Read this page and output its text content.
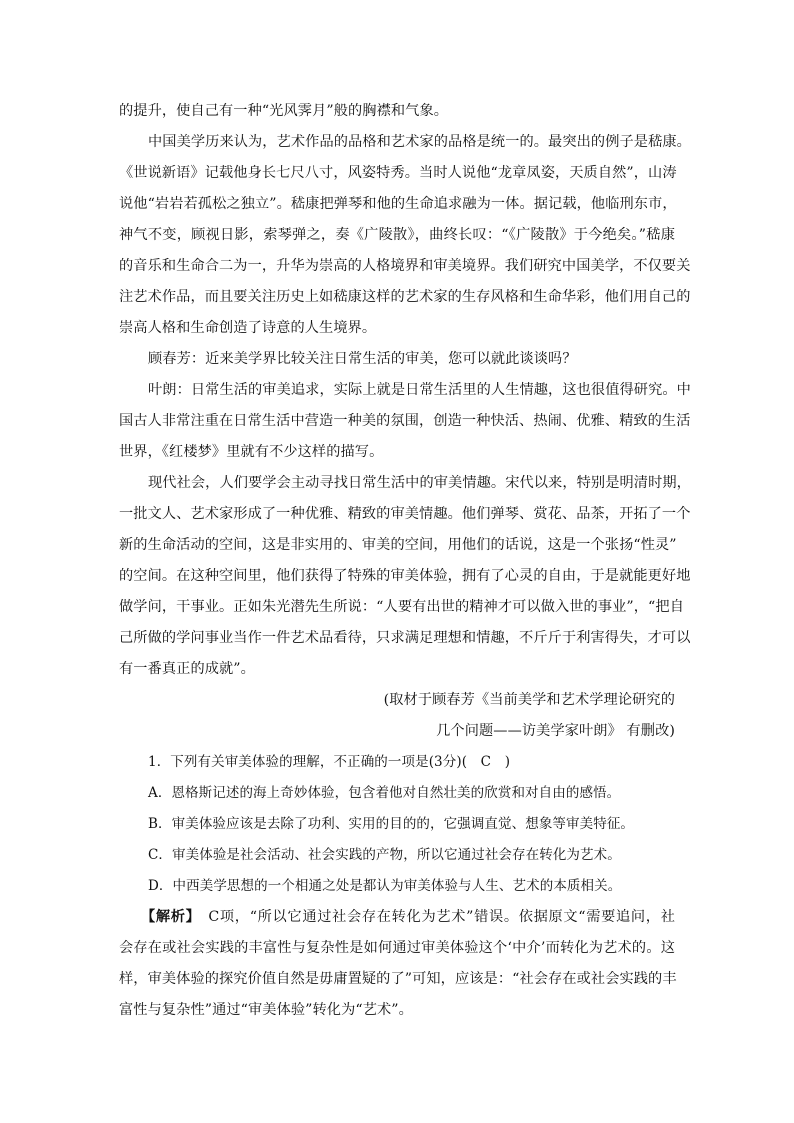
的提升，使自己有一种“光风霁月”般的胸襟和气象。
中国美学历来认为，艺术作品的品格和艺术家的品格是统一的。最突出的例子是嵇康。
《世说新语》记载他身长七尺八寸，风姿特秀。当时人说他“龙章凤姿，天质自然”，山涛
说他“岩岩若孤松之独立”。嵇康把弹琴和他的生命追求融为一体。据记载，他临刑东市，
神气不变，顾视日影，索琴弹之，奏《广陵散》，曲终长叹：“《广陵散》于今绝矣。”嵇康
的音乐和生命合二为一，升华为崇高的人格境界和审美境界。我们研究中国美学，不仅要关
注艺术作品，而且要关注历史上如嵇康这样的艺术家的生存风格和生命华彩，他们用自己的
崇高人格和生命创造了诗意的人生境界。
顾春芳：近来美学界比较关注日常生活的审美，您可以就此谈谈吗？
叶朗：日常生活的审美追求，实际上就是日常生活里的人生情趣，这也很值得研究。中
国古人非常注重在日常生活中营造一种美的氛围，创造一种快活、热闹、优雅、精致的生活
世界，《红楼梦》里就有不少这样的描写。
现代社会，人们要学会主动寻找日常生活中的审美情趣。宋代以来，特别是明清时期，
一批文人、艺术家形成了一种优雅、精致的审美情趣。他们弹琴、赏花、品茶，开拓了一个
新的生命活动的空间，这是非实用的、审美的空间，用他们的话说，这是一个张扬“性灵”
的空间。在这种空间里，他们获得了特殊的审美体验，拥有了心灵的自由，于是就能更好地
做学问，干事业。正如朱光潜先生所说：“人要有出世的精神才可以做入世的事业”，“把自
己所做的学问事业当作一件艺术品看待，只求满足理想和情趣，不斤斤于利害得失，才可以
有一番真正的成就”。
(取材于顾春芳《当前美学和艺术学理论研究的
几个问题——访美学家叶朗》 有删改)
1．下列有关审美体验的理解，不正确的一项是(3分)(　C　)
A．恩格斯记述的海上奇妙体验，包含着他对自然壮美的欣赏和对自由的感悟。
B．审美体验应该是去除了功利、实用的目的的，它强调直觉、想象等审美特征。
C．审美体验是社会活动、社会实践的产物，所以它通过社会存在转化为艺术。
D．中西美学思想的一个相通之处是都认为审美体验与人生、艺术的本质相关。
【解析】　C项，“所以它通过社会存在转化为艺术”错误。依据原文“需要追问，社
会存在或社会实践的丰富性与复杂性是如何通过审美体验这个‘中介’而转化为艺术的。这
样，审美体验的探究价值自然是毋庸置疑的了”可知，应该是：“社会存在或社会实践的丰
富性与复杂性”通过“审美体验”转化为“艺术”。
